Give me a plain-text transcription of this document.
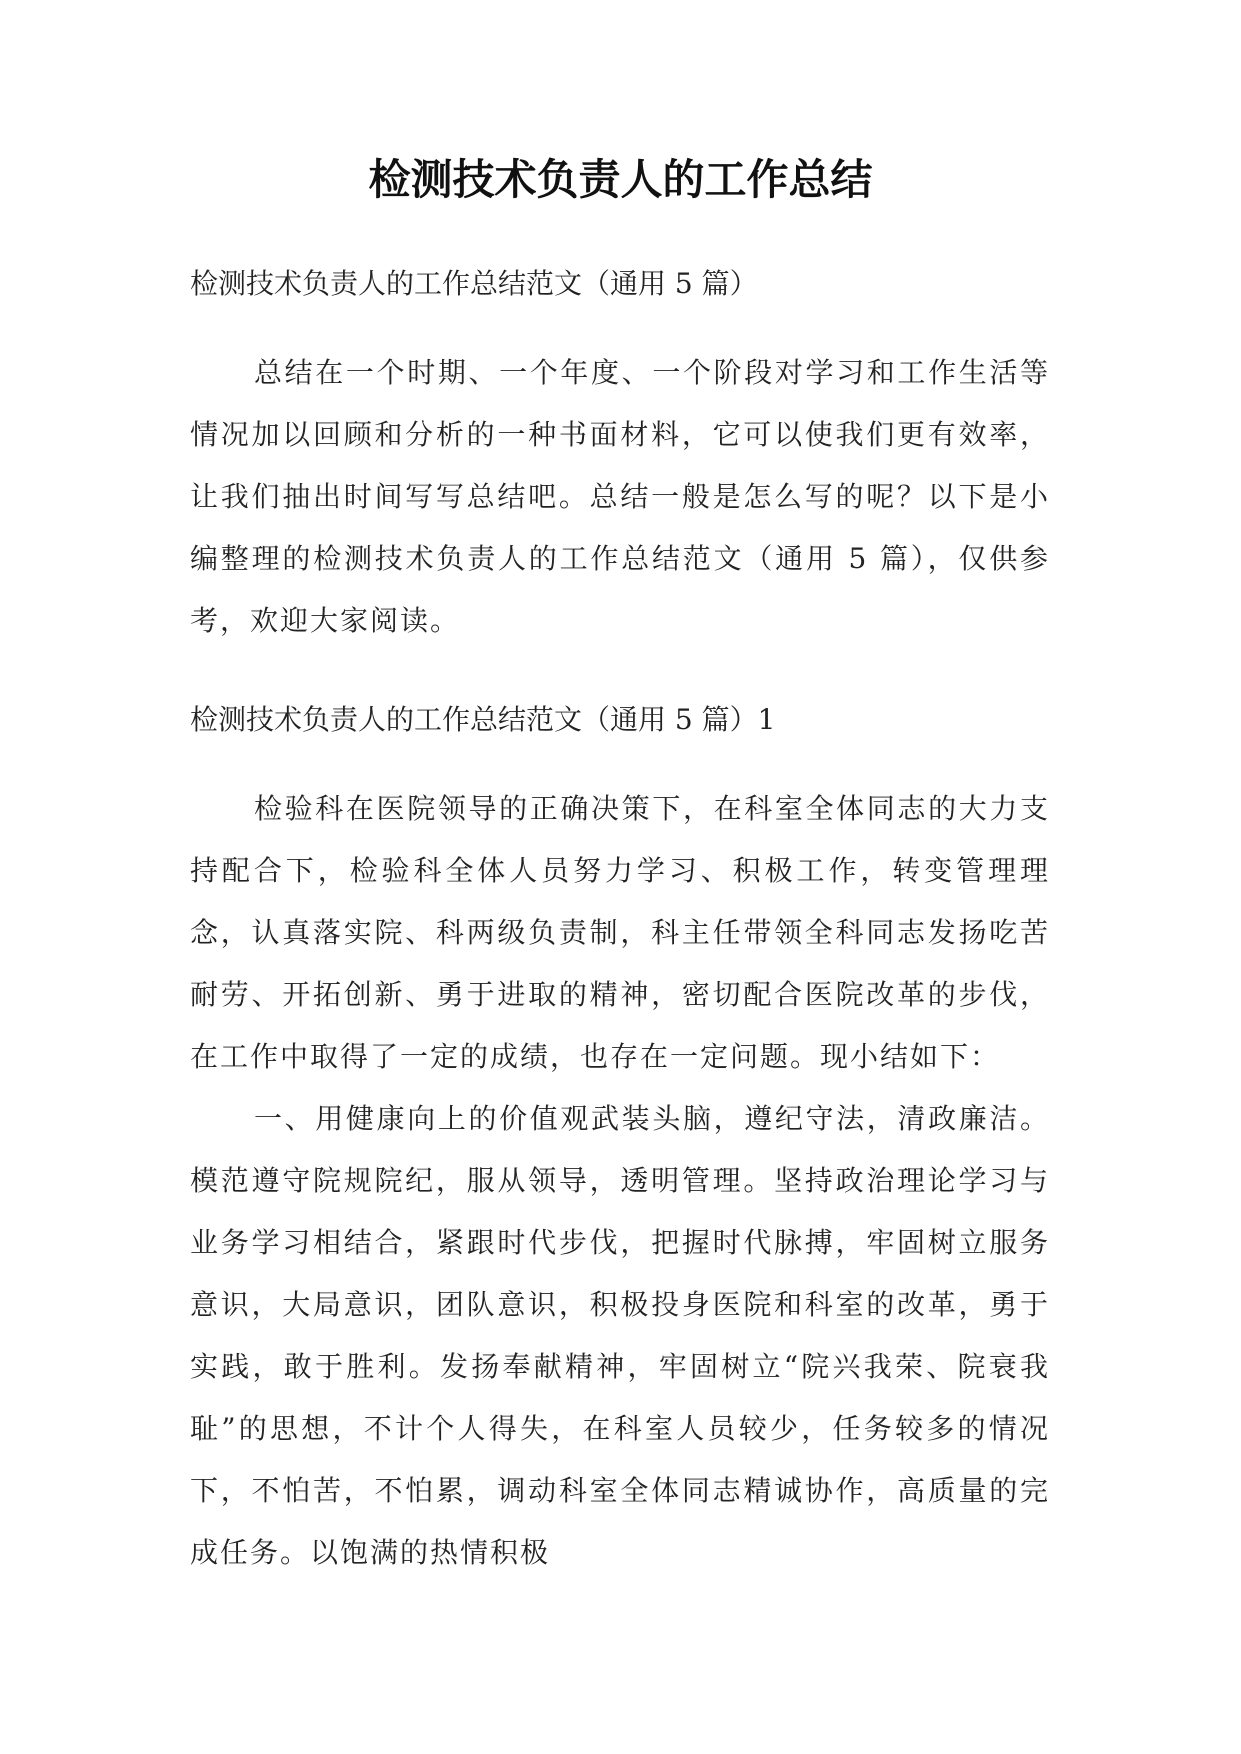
检测技术负责人的工作总结

检测技术负责人的工作总结范文（通用 5 篇）

总结在一个时期、一个年度、一个阶段对学习和工作生活等情况加以回顾和分析的一种书面材料，它可以使我们更有效率，让我们抽出时间写写总结吧。总结一般是怎么写的呢？以下是小编整理的检测技术负责人的工作总结范文（通用 5 篇），仅供参考，欢迎大家阅读。

检测技术负责人的工作总结范文（通用 5 篇）1

检验科在医院领导的正确决策下，在科室全体同志的大力支持配合下，检验科全体人员努力学习、积极工作，转变管理理念，认真落实院、科两级负责制，科主任带领全科同志发扬吃苦耐劳、开拓创新、勇于进取的精神，密切配合医院改革的步伐，在工作中取得了一定的成绩，也存在一定问题。现小结如下：

一、用健康向上的价值观武装头脑，遵纪守法，清政廉洁。模范遵守院规院纪，服从领导，透明管理。坚持政治理论学习与业务学习相结合，紧跟时代步伐，把握时代脉搏，牢固树立服务意识，大局意识，团队意识，积极投身医院和科室的改革，勇于实践，敢于胜利。发扬奉献精神，牢固树立“院兴我荣、院衰我耻”的思想，不计个人得失，在科室人员较少，任务较多的情况下，不怕苦，不怕累，调动科室全体同志精诚协作，高质量的完成任务。以饱满的热情积极
